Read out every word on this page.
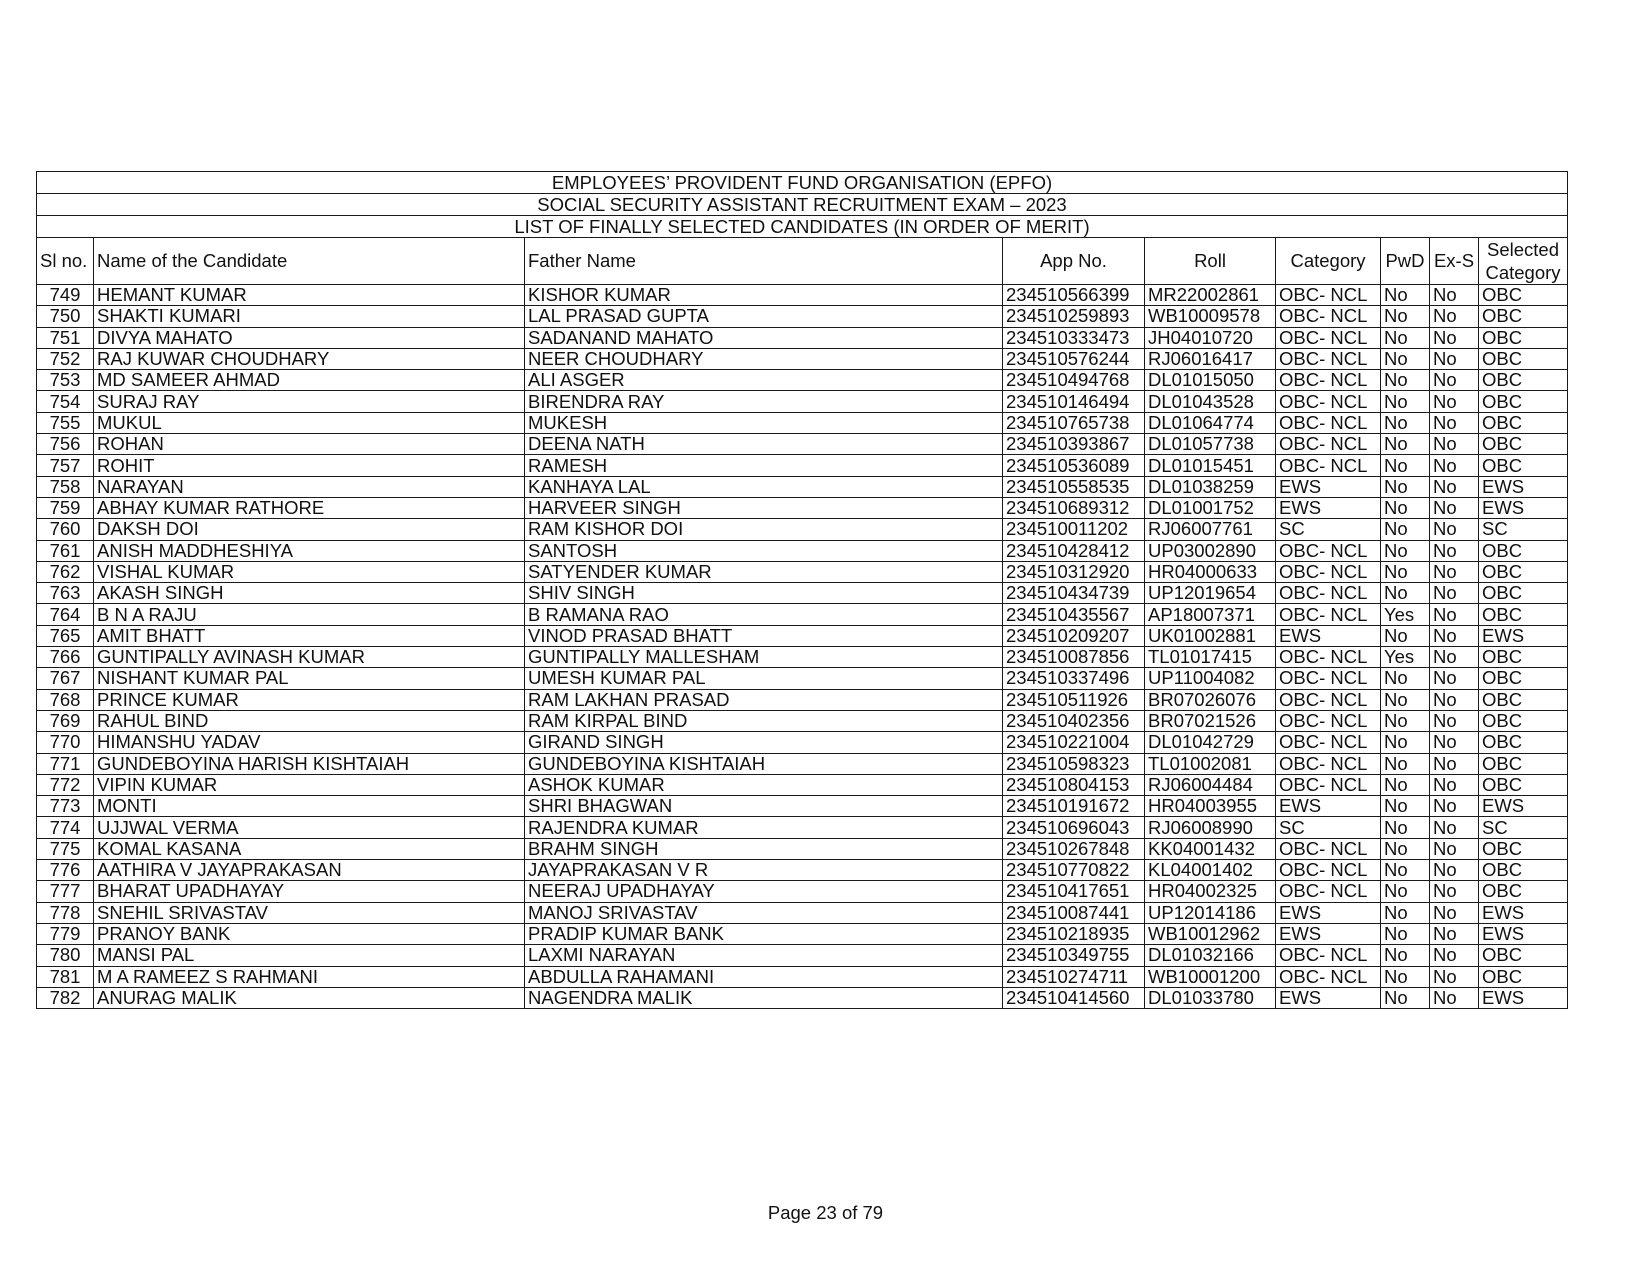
EMPLOYEES’ PROVIDENT FUND ORGANISATION (EPFO)								
SOCIAL SECURITY ASSISTANT RECRUITMENT EXAM – 2023								
LIST OF FINALLY SELECTED CANDIDATES (IN ORDER OF MERIT)								
Sl no.	Name of the Candidate	Father Name	App No.	Roll	Category	PwD	Ex-S	Selected Category
749	HEMANT KUMAR	KISHOR KUMAR	234510566399	MR22002861	OBC- NCL	No	No	OBC
750	SHAKTI KUMARI	LAL PRASAD GUPTA	234510259893	WB10009578	OBC- NCL	No	No	OBC
751	DIVYA MAHATO	SADANAND MAHATO	234510333473	JH04010720	OBC- NCL	No	No	OBC
752	RAJ KUWAR CHOUDHARY	NEER CHOUDHARY	234510576244	RJ06016417	OBC- NCL	No	No	OBC
753	MD SAMEER AHMAD	ALI ASGER	234510494768	DL01015050	OBC- NCL	No	No	OBC
754	SURAJ RAY	BIRENDRA RAY	234510146494	DL01043528	OBC- NCL	No	No	OBC
755	MUKUL	MUKESH	234510765738	DL01064774	OBC- NCL	No	No	OBC
756	ROHAN	DEENA NATH	234510393867	DL01057738	OBC- NCL	No	No	OBC
757	ROHIT	RAMESH	234510536089	DL01015451	OBC- NCL	No	No	OBC
758	NARAYAN	KANHAYA LAL	234510558535	DL01038259	EWS	No	No	EWS
759	ABHAY KUMAR RATHORE	HARVEER SINGH	234510689312	DL01001752	EWS	No	No	EWS
760	DAKSH DOI	RAM KISHOR DOI	234510011202	RJ06007761	SC	No	No	SC
761	ANISH MADDHESHIYA	SANTOSH	234510428412	UP03002890	OBC- NCL	No	No	OBC
762	VISHAL KUMAR	SATYENDER KUMAR	234510312920	HR04000633	OBC- NCL	No	No	OBC
763	AKASH SINGH	SHIV SINGH	234510434739	UP12019654	OBC- NCL	No	No	OBC
764	B N A RAJU	B RAMANA RAO	234510435567	AP18007371	OBC- NCL	Yes	No	OBC
765	AMIT BHATT	VINOD PRASAD BHATT	234510209207	UK01002881	EWS	No	No	EWS
766	GUNTIPALLY AVINASH KUMAR	GUNTIPALLY MALLESHAM	234510087856	TL01017415	OBC- NCL	Yes	No	OBC
767	NISHANT KUMAR PAL	UMESH KUMAR PAL	234510337496	UP11004082	OBC- NCL	No	No	OBC
768	PRINCE KUMAR	RAM LAKHAN PRASAD	234510511926	BR07026076	OBC- NCL	No	No	OBC
769	RAHUL BIND	RAM KIRPAL BIND	234510402356	BR07021526	OBC- NCL	No	No	OBC
770	HIMANSHU YADAV	GIRAND SINGH	234510221004	DL01042729	OBC- NCL	No	No	OBC
771	GUNDEBOYINA HARISH KISHTAIAH	GUNDEBOYINA KISHTAIAH	234510598323	TL01002081	OBC- NCL	No	No	OBC
772	VIPIN KUMAR	ASHOK KUMAR	234510804153	RJ06004484	OBC- NCL	No	No	OBC
773	MONTI	SHRI BHAGWAN	234510191672	HR04003955	EWS	No	No	EWS
774	UJJWAL VERMA	RAJENDRA KUMAR	234510696043	RJ06008990	SC	No	No	SC
775	KOMAL KASANA	BRAHM SINGH	234510267848	KK04001432	OBC- NCL	No	No	OBC
776	AATHIRA V JAYAPRAKASAN	JAYAPRAKASAN V R	234510770822	KL04001402	OBC- NCL	No	No	OBC
777	BHARAT UPADHAYAY	NEERAJ UPADHAYAY	234510417651	HR04002325	OBC- NCL	No	No	OBC
778	SNEHIL SRIVASTAV	MANOJ SRIVASTAV	234510087441	UP12014186	EWS	No	No	EWS
779	PRANOY BANK	PRADIP KUMAR BANK	234510218935	WB10012962	EWS	No	No	EWS
780	MANSI PAL	LAXMI NARAYAN	234510349755	DL01032166	OBC- NCL	No	No	OBC
781	M A RAMEEZ S RAHMANI	ABDULLA RAHAMANI	234510274711	WB10001200	OBC- NCL	No	No	OBC
782	ANURAG MALIK	NAGENDRA MALIK	234510414560	DL01033780	EWS	No	No	EWS
Page 23 of 79
